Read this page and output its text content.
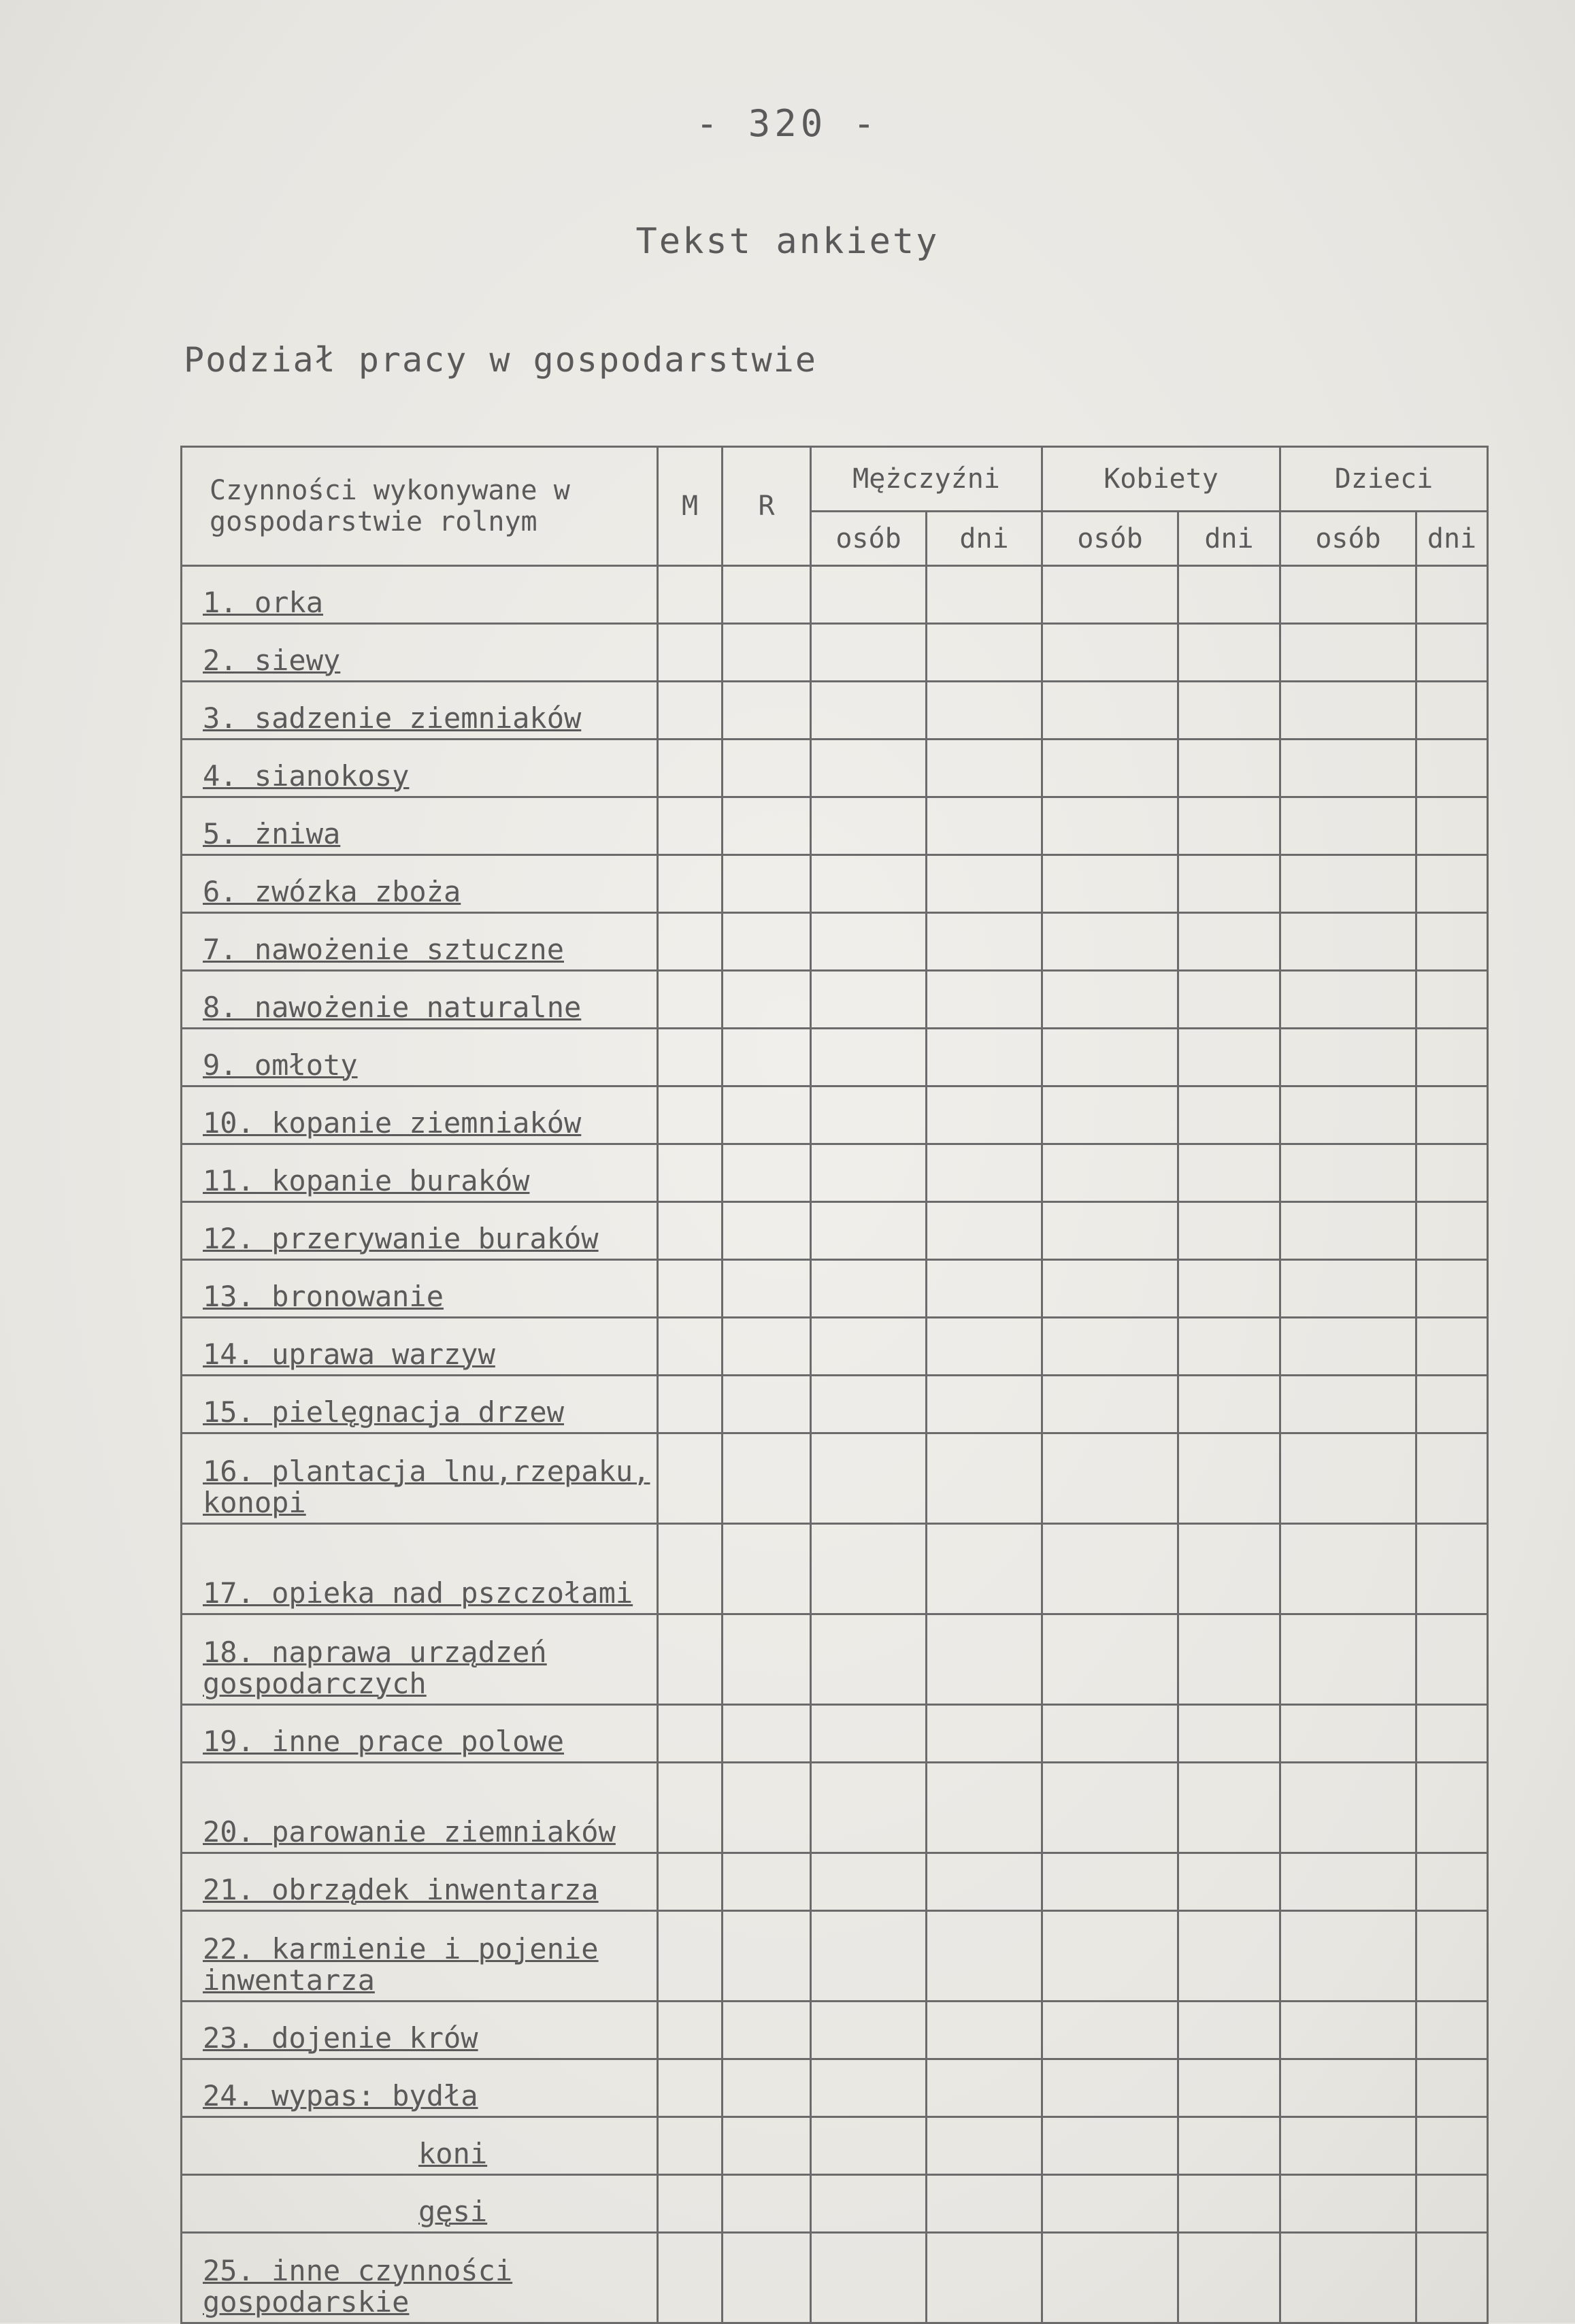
- 320 -
Tekst ankiety
Podział pracy w gospodarstwie
Czynności wykonywane w gospodarstwie rolnym	M	R	Mężczyźni		Kobiety		Dzieci	
			osób	dni	osób	dni	osób	dni
1. orka								
2. siewy								
3. sadzenie ziemniaków								
4. sianokosy								
5. żniwa								
6. zwózka zboża								
7. nawożenie sztuczne								
8. nawożenie naturalne								
9. omłoty								
10. kopanie ziemniaków								
11. kopanie buraków								
12. przerywanie buraków								
13. bronowanie								
14. uprawa warzyw								
15. pielęgnacja drzew								
16. plantacja lnu,rzepaku, konopi								
17. opieka nad pszczołami								
18. naprawa urządzeń gospodarczych								
19. inne prace polowe								
20. parowanie ziemniaków								
21. obrządek inwentarza								
22. karmienie i pojenie inwentarza								
23. dojenie krów								
24. wypas: bydła								
koni								
gęsi								
25. inne czynności gospodarskie								
